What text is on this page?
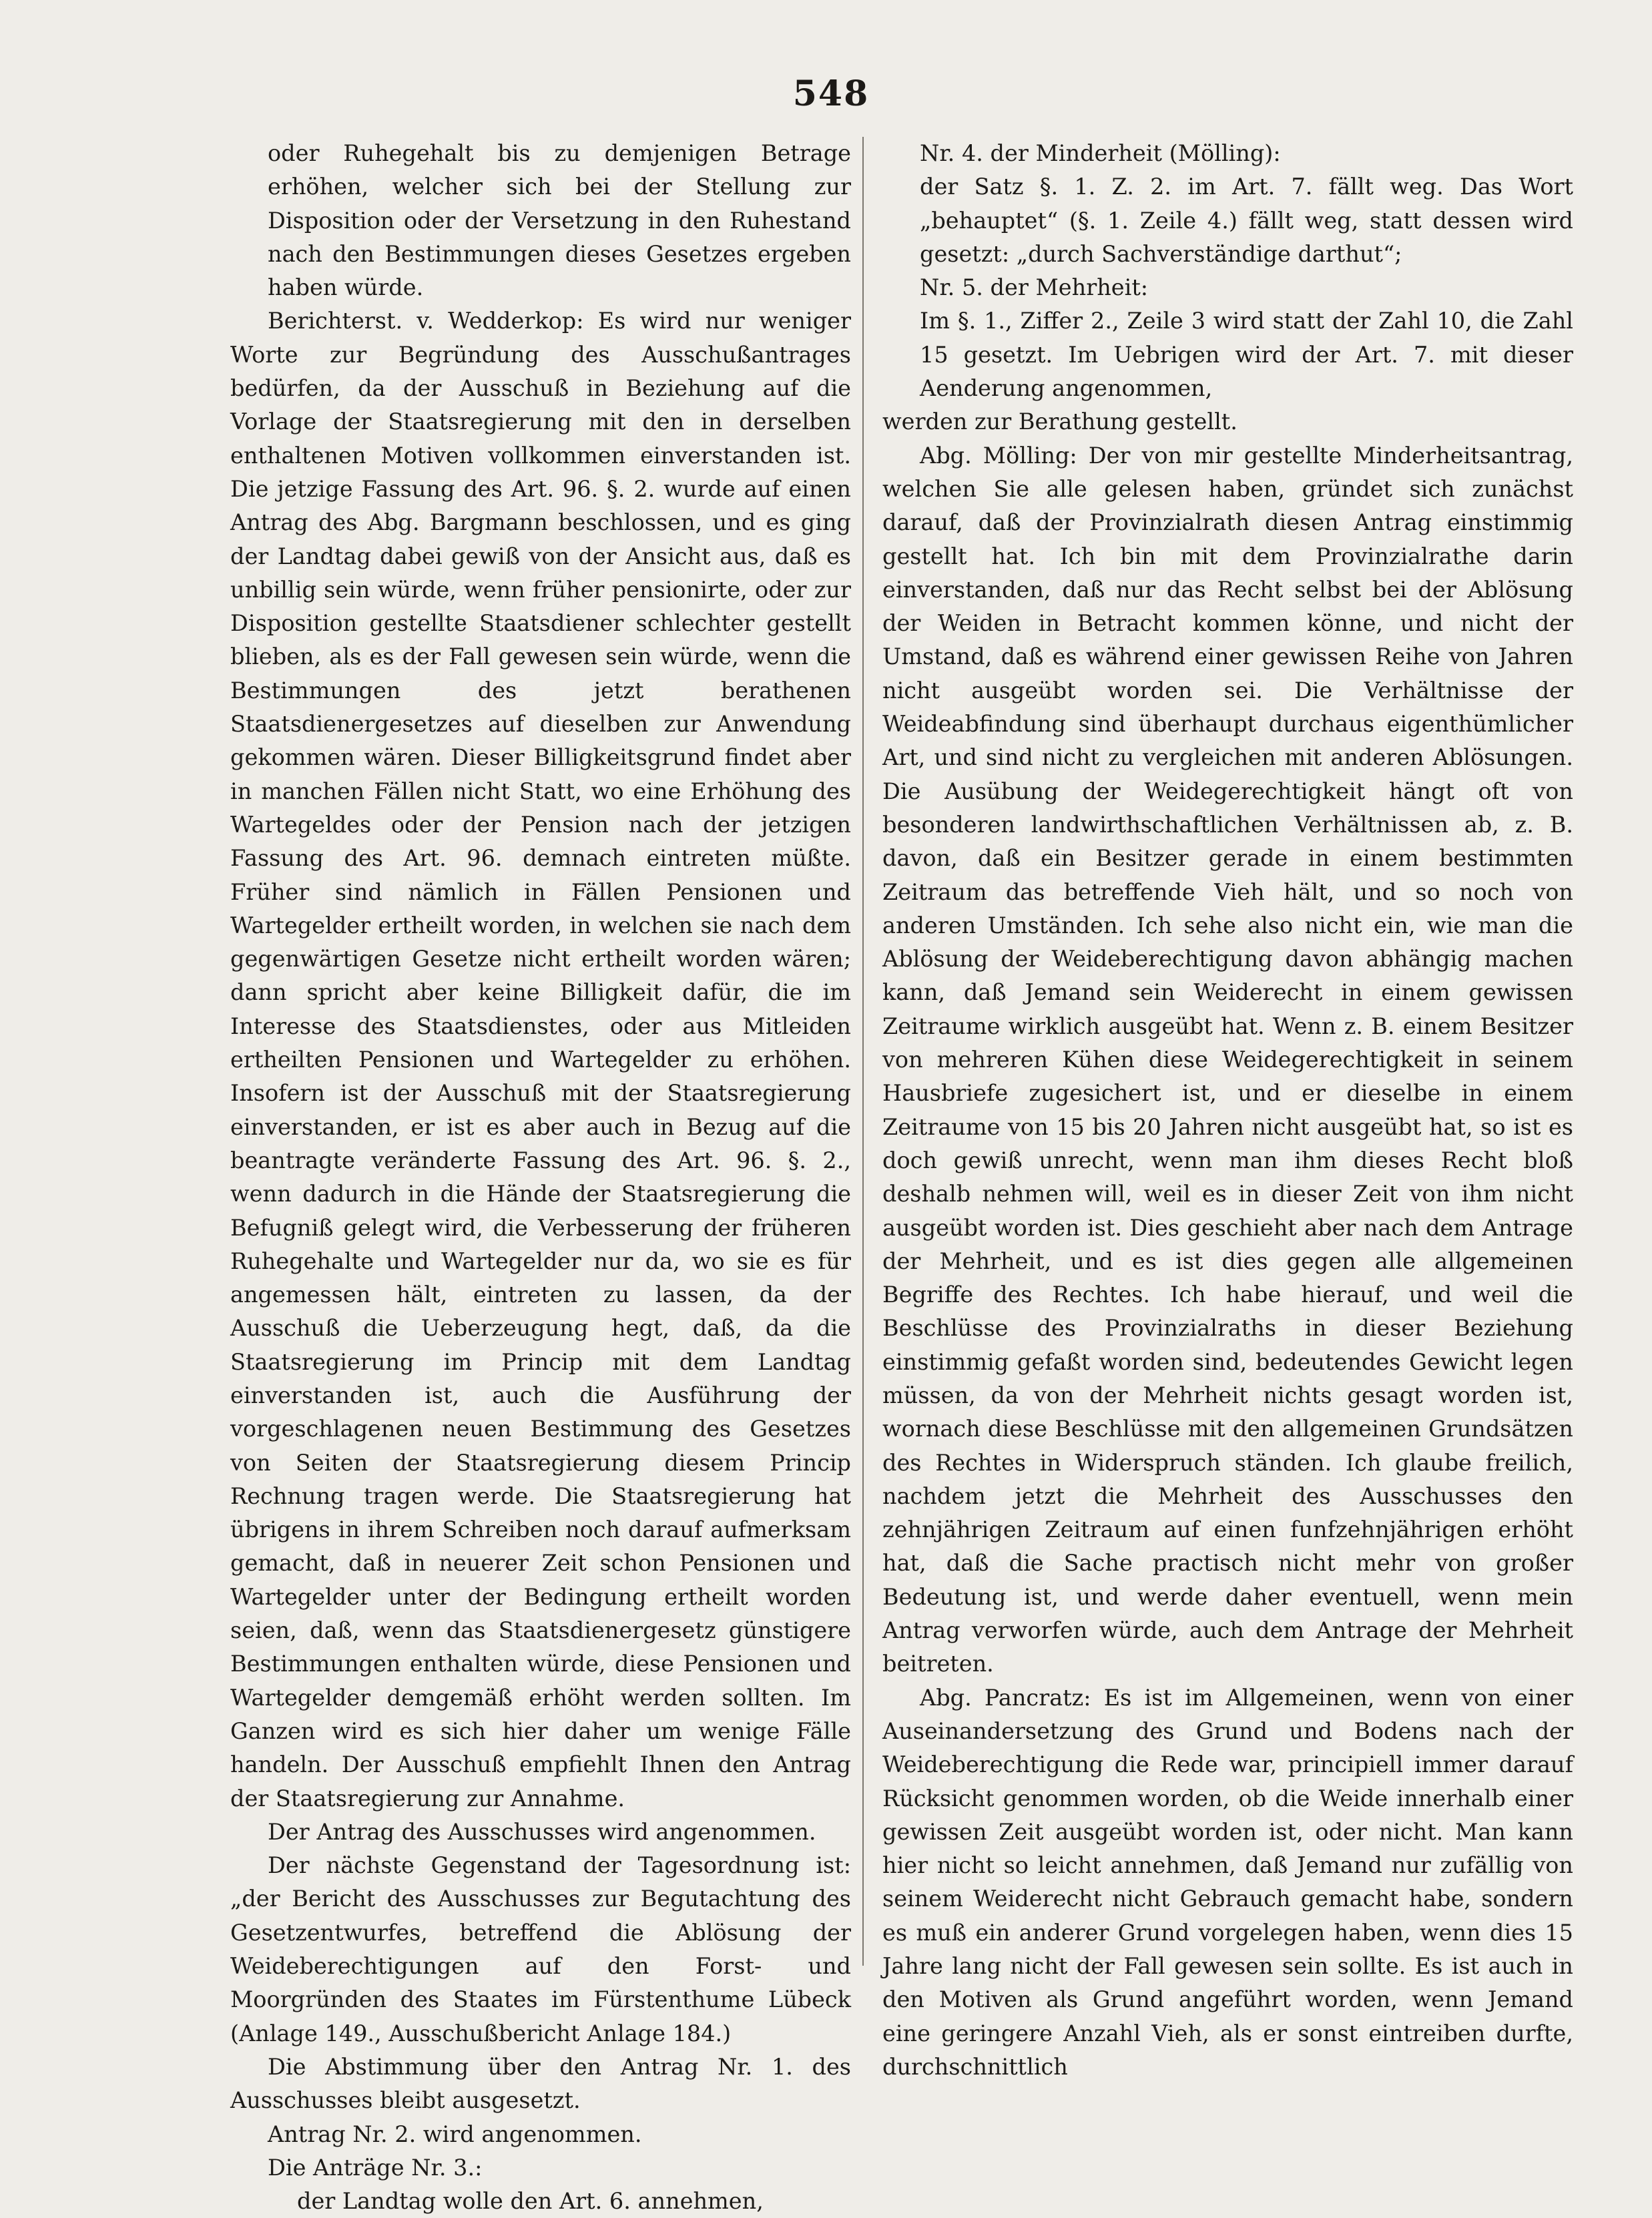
548

oder Ruhegehalt bis zu demjenigen Betrage erhöhen, welcher sich bei der Stellung zur Disposition oder der Versetzung in den Ruhestand nach den Bestimmungen dieses Gesetzes ergeben haben würde.

Berichterst. v. Wedderkop: Es wird nur weniger Worte zur Begründung des Ausschußantrages bedürfen, da der Ausschuß in Beziehung auf die Vorlage der Staatsregierung mit den in derselben enthaltenen Motiven vollkommen einverstanden ist. Die jetzige Fassung des Art. 96. §. 2. wurde auf einen Antrag des Abg. Bargmann beschlossen, und es ging der Landtag dabei gewiß von der Ansicht aus, daß es unbillig sein würde, wenn früher pensionirte, oder zur Disposition gestellte Staatsdiener schlechter gestellt blieben, als es der Fall gewesen sein würde, wenn die Bestimmungen des jetzt berathenen Staatsdienergesetzes auf dieselben zur Anwendung gekommen wären. Dieser Billigkeitsgrund findet aber in manchen Fällen nicht Statt, wo eine Erhöhung des Wartegeldes oder der Pension nach der jetzigen Fassung des Art. 96. demnach eintreten müßte. Früher sind nämlich in Fällen Pensionen und Wartegelder ertheilt worden, in welchen sie nach dem gegenwärtigen Gesetze nicht ertheilt worden wären; dann spricht aber keine Billigkeit dafür, die im Interesse des Staatsdienstes, oder aus Mitleiden ertheilten Pensionen und Wartegelder zu erhöhen. Insofern ist der Ausschuß mit der Staatsregierung einverstanden, er ist es aber auch in Bezug auf die beantragte veränderte Fassung des Art. 96. §. 2., wenn dadurch in die Hände der Staatsregierung die Befugniß gelegt wird, die Verbesserung der früheren Ruhegehalte und Wartegelder nur da, wo sie es für angemessen hält, eintreten zu lassen, da der Ausschuß die Ueberzeugung hegt, daß, da die Staatsregierung im Princip mit dem Landtag einverstanden ist, auch die Ausführung der vorgeschlagenen neuen Bestimmung des Gesetzes von Seiten der Staatsregierung diesem Princip Rechnung tragen werde. Die Staatsregierung hat übrigens in ihrem Schreiben noch darauf aufmerksam gemacht, daß in neuerer Zeit schon Pensionen und Wartegelder unter der Bedingung ertheilt worden seien, daß, wenn das Staatsdienergesetz günstigere Bestimmungen enthalten würde, diese Pensionen und Wartegelder demgemäß erhöht werden sollten. Im Ganzen wird es sich hier daher um wenige Fälle handeln. Der Ausschuß empfiehlt Ihnen den Antrag der Staatsregierung zur Annahme.

Der Antrag des Ausschusses wird angenommen.

Der nächste Gegenstand der Tagesordnung ist: „der Bericht des Ausschusses zur Begutachtung des Gesetzentwurfes, betreffend die Ablösung der Weideberechtigungen auf den Forst- und Moorgründen des Staates im Fürstenthume Lübeck (Anlage 149., Ausschußbericht Anlage 184.)

Die Abstimmung über den Antrag Nr. 1. des Ausschusses bleibt ausgesetzt.

Antrag Nr. 2. wird angenommen.

Die Anträge Nr. 3.:

der Landtag wolle den Art. 6. annehmen,

Nr. 4. der Minderheit (Mölling):

der Satz §. 1. Z. 2. im Art. 7. fällt weg. Das Wort „behauptet“ (§. 1. Zeile 4.) fällt weg, statt dessen wird gesetzt: „durch Sachverständige darthut“;

Nr. 5. der Mehrheit:

Im §. 1., Ziffer 2., Zeile 3 wird statt der Zahl 10, die Zahl 15 gesetzt. Im Uebrigen wird der Art. 7. mit dieser Aenderung angenommen,

werden zur Berathung gestellt.

Abg. Mölling: Der von mir gestellte Minderheitsantrag, welchen Sie alle gelesen haben, gründet sich zunächst darauf, daß der Provinzialrath diesen Antrag einstimmig gestellt hat. Ich bin mit dem Provinzialrathe darin einverstanden, daß nur das Recht selbst bei der Ablösung der Weiden in Betracht kommen könne, und nicht der Umstand, daß es während einer gewissen Reihe von Jahren nicht ausgeübt worden sei. Die Verhältnisse der Weideabfindung sind überhaupt durchaus eigenthümlicher Art, und sind nicht zu vergleichen mit anderen Ablösungen. Die Ausübung der Weidegerechtigkeit hängt oft von besonderen landwirthschaftlichen Verhältnissen ab, z. B. davon, daß ein Besitzer gerade in einem bestimmten Zeitraum das betreffende Vieh hält, und so noch von anderen Umständen. Ich sehe also nicht ein, wie man die Ablösung der Weideberechtigung davon abhängig machen kann, daß Jemand sein Weiderecht in einem gewissen Zeitraume wirklich ausgeübt hat. Wenn z. B. einem Besitzer von mehreren Kühen diese Weidegerechtigkeit in seinem Hausbriefe zugesichert ist, und er dieselbe in einem Zeitraume von 15 bis 20 Jahren nicht ausgeübt hat, so ist es doch gewiß unrecht, wenn man ihm dieses Recht bloß deshalb nehmen will, weil es in dieser Zeit von ihm nicht ausgeübt worden ist. Dies geschieht aber nach dem Antrage der Mehrheit, und es ist dies gegen alle allgemeinen Begriffe des Rechtes. Ich habe hierauf, und weil die Beschlüsse des Provinzialraths in dieser Beziehung einstimmig gefaßt worden sind, bedeutendes Gewicht legen müssen, da von der Mehrheit nichts gesagt worden ist, wornach diese Beschlüsse mit den allgemeinen Grundsätzen des Rechtes in Widerspruch ständen. Ich glaube freilich, nachdem jetzt die Mehrheit des Ausschusses den zehnjährigen Zeitraum auf einen funfzehnjährigen erhöht hat, daß die Sache practisch nicht mehr von großer Bedeutung ist, und werde daher eventuell, wenn mein Antrag verworfen würde, auch dem Antrage der Mehrheit beitreten.

Abg. Pancratz: Es ist im Allgemeinen, wenn von einer Auseinandersetzung des Grund und Bodens nach der Weideberechtigung die Rede war, principiell immer darauf Rücksicht genommen worden, ob die Weide innerhalb einer gewissen Zeit ausgeübt worden ist, oder nicht. Man kann hier nicht so leicht annehmen, daß Jemand nur zufällig von seinem Weiderecht nicht Gebrauch gemacht habe, sondern es muß ein anderer Grund vorgelegen haben, wenn dies 15 Jahre lang nicht der Fall gewesen sein sollte. Es ist auch in den Motiven als Grund angeführt worden, wenn Jemand eine geringere Anzahl Vieh, als er sonst eintreiben durfte, durchschnittlich
